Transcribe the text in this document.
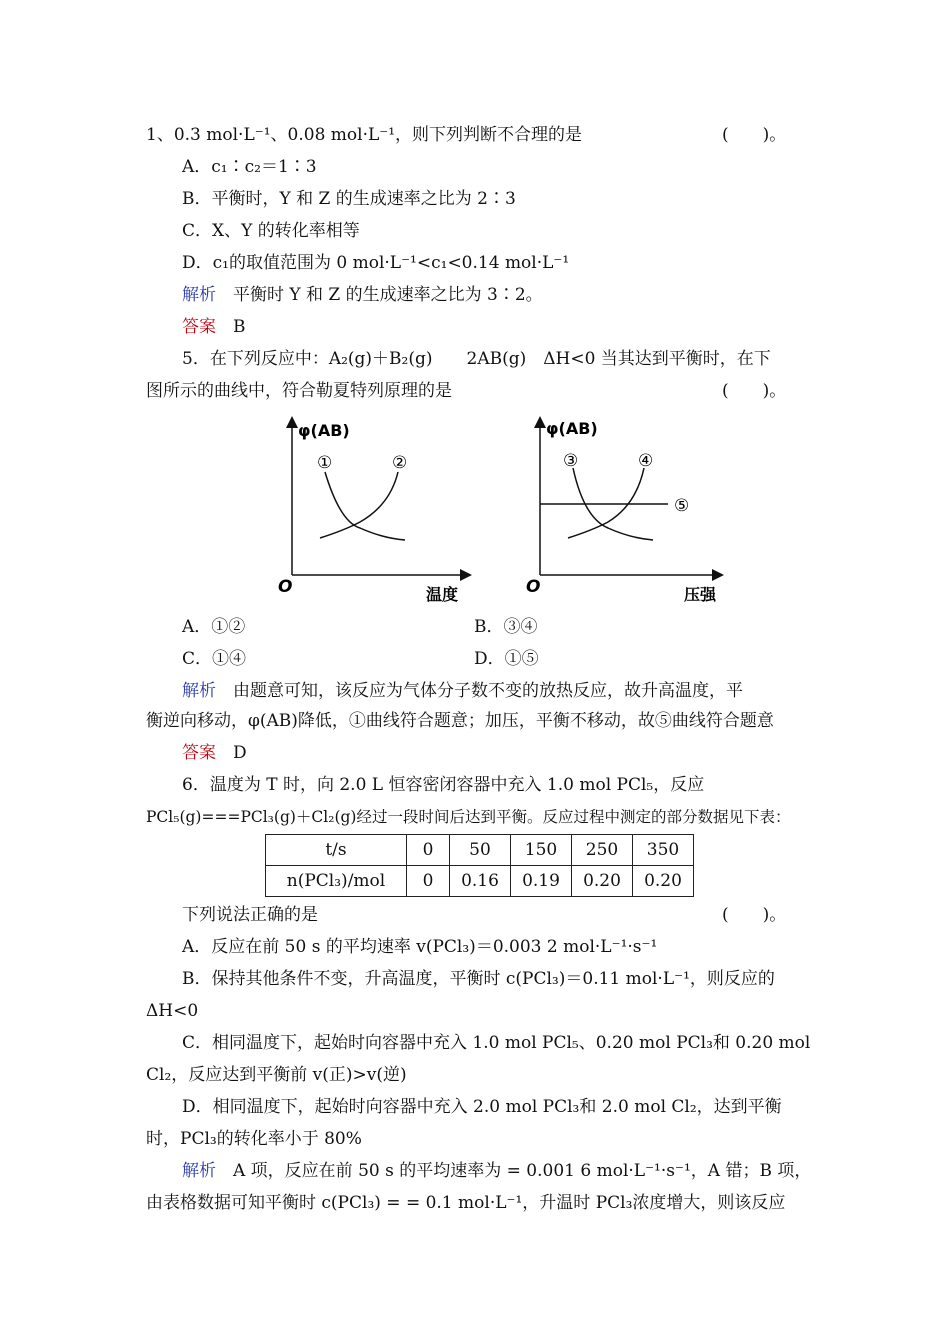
1、0.3 mol·L⁻¹、0.08 mol·L⁻¹，则下列判断不合理的是	(　　)。
A．c₁∶c₂＝1∶3
B．平衡时，Y 和 Z 的生成速率之比为 2∶3
C．X、Y 的转化率相等
D．c₁的取值范围为 0 mol·L⁻¹<c₁<0.14 mol·L⁻¹
解析　 平衡时 Y 和 Z 的生成速率之比为 3∶2。
答案　 B
5．在下列反应中：A₂(g)＋B₂(g)　　2AB(g)　ΔH<0 当其达到平衡时，在下
图所示的曲线中，符合勒夏特列原理的是	(　　)。
φ(AB)
O	温度
①	②
φ(AB)
O	压强
③	④
⑤
A．①②	B．③④
C．①④	D．①⑤
解析　 由题意可知，该反应为气体分子数不变的放热反应，故升高温度，平
衡逆向移动，φ(AB)降低，①曲线符合题意；加压，平衡不移动，故⑤曲线符合题意
答案　 D
6．温度为 T 时，向 2.0 L 恒容密闭容器中充入 1.0 mol PCl₅，反应
PCl₅(g)===PCl₃(g)＋Cl₂(g)经过一段时间后达到平衡。反应过程中测定的部分数据见下表：
t/s	0	50	150	250	350
n(PCl₃)/mol	0	0.16	0.19	0.20	0.20
下列说法正确的是	(　　)。
A．反应在前 50 s 的平均速率 v(PCl₃)＝0.003 2 mol·L⁻¹·s⁻¹
B．保持其他条件不变，升高温度，平衡时 c(PCl₃)＝0.11 mol·L⁻¹，则反应的
ΔH<0
C．相同温度下，起始时向容器中充入 1.0 mol PCl₅、0.20 mol PCl₃和 0.20 mol
Cl₂，反应达到平衡前 v(正)>v(逆)
D．相同温度下，起始时向容器中充入 2.0 mol PCl₃和 2.0 mol Cl₂，达到平衡
时，PCl₃的转化率小于 80%
解析　 A 项，反应在前 50 s 的平均速率为 = 0.001 6 mol·L⁻¹·s⁻¹，A 错；B 项，
由表格数据可知平衡时 c(PCl₃) = = 0.1 mol·L⁻¹，升温时 PCl₃浓度增大，则该反应
